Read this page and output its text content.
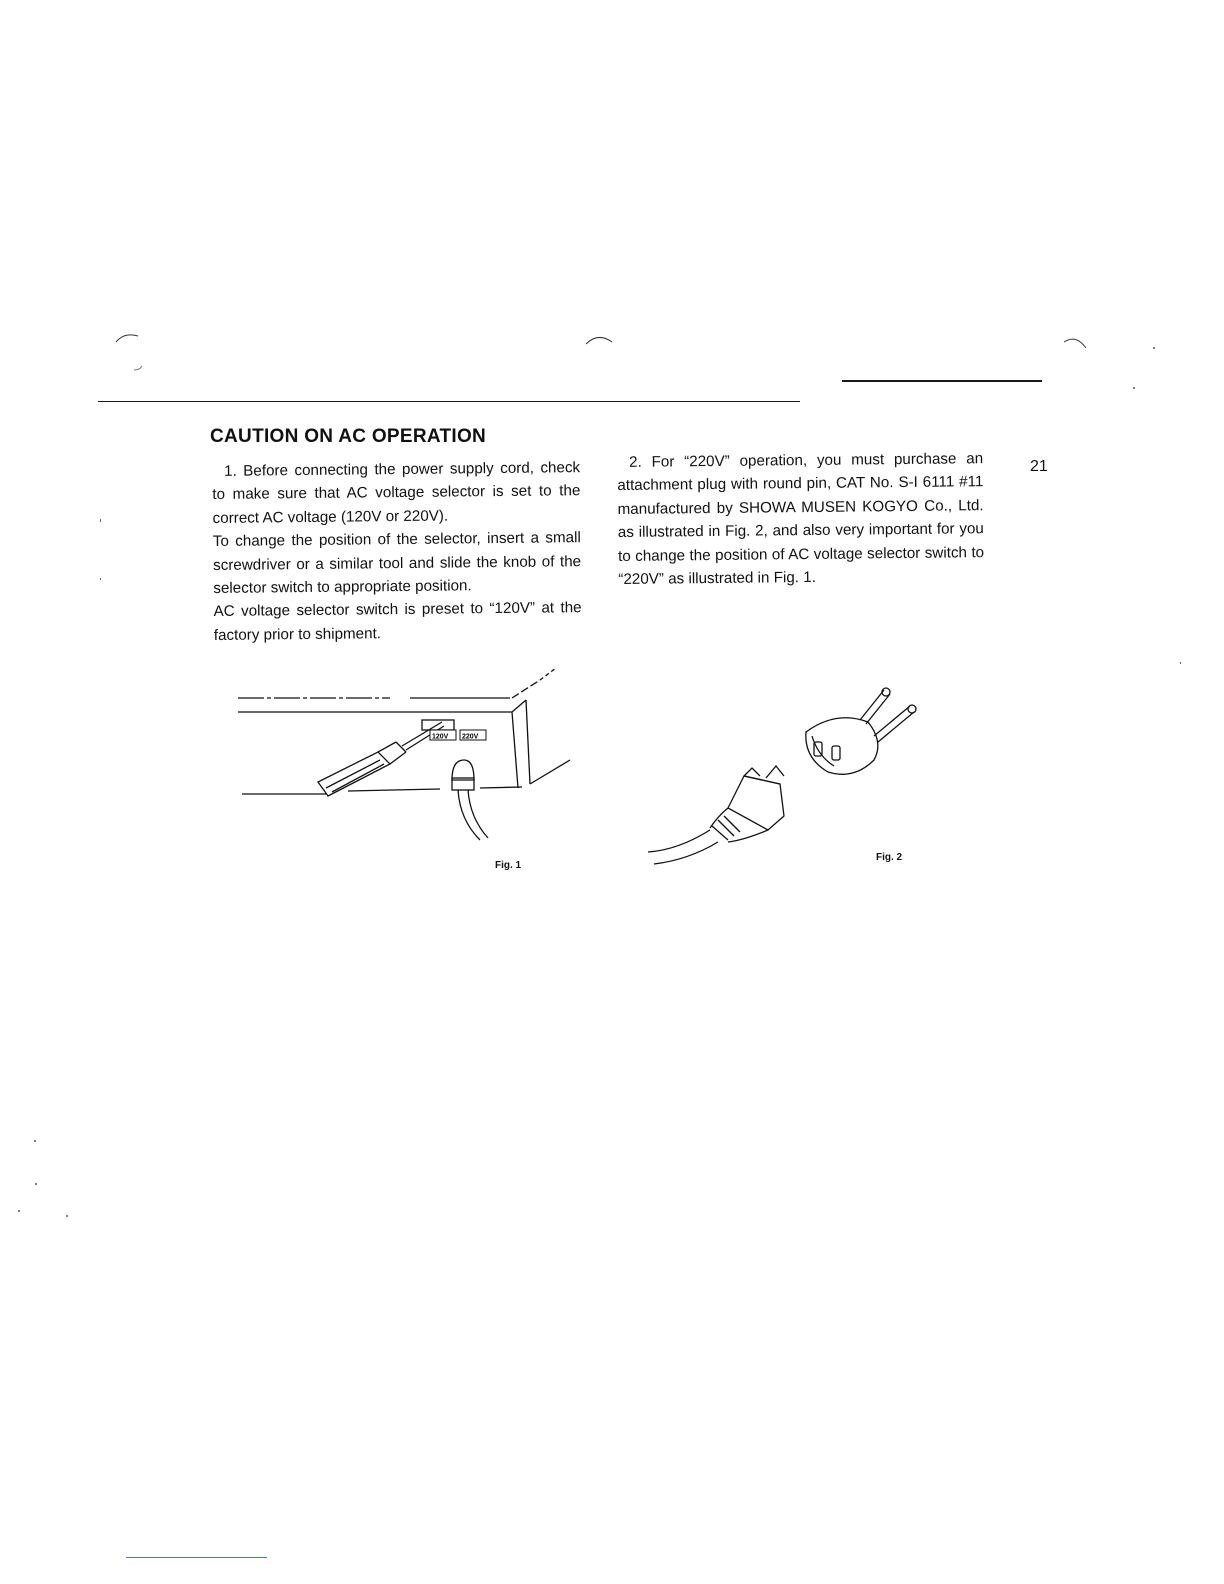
CAUTION ON AC OPERATION

1. Before connecting the power supply cord, check to make sure that AC voltage selector is set to the correct AC voltage (120V or 220V).

To change the position of the selector, insert a small screwdriver or a similar tool and slide the knob of the selector switch to appropriate position.

AC voltage selector switch is preset to “120V” at the factory prior to shipment.

2. For “220V” operation, you must purchase an attachment plug with round pin, CAT No. S-I 6111 #11 manufactured by SHOWA MUSEN KOGYO Co., Ltd. as illustrated in Fig. 2, and also very important for you to change the position of AC voltage selector switch to “220V” as illustrated in Fig. 1.

21
120V 220V
Fig. 1
Fig. 2
